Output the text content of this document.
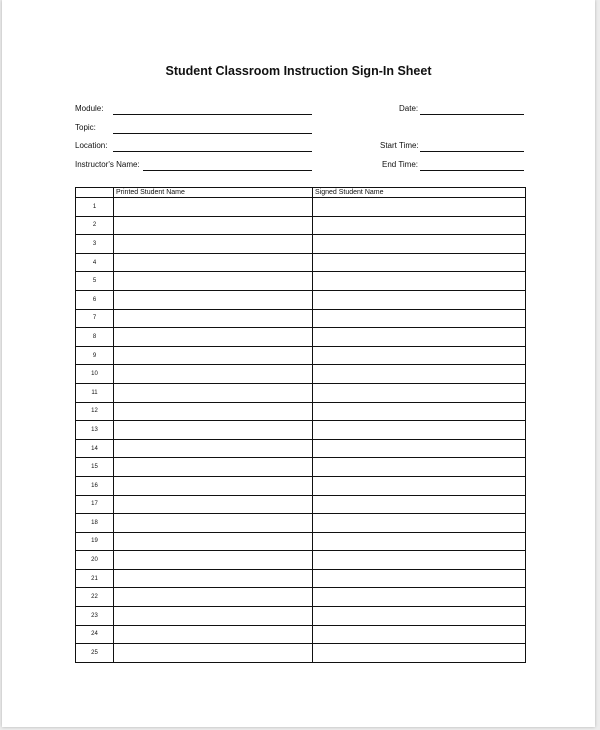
Student Classroom Instruction Sign-In Sheet
Module:
Topic:
Location:
Instructor's Name:
Date:
Start Time:
End Time:
	Printed Student Name	Signed Student Name
1		
2		
3		
4		
5		
6		
7		
8		
9		
10		
11		
12		
13		
14		
15		
16		
17		
18		
19		
20		
21		
22		
23		
24		
25		
